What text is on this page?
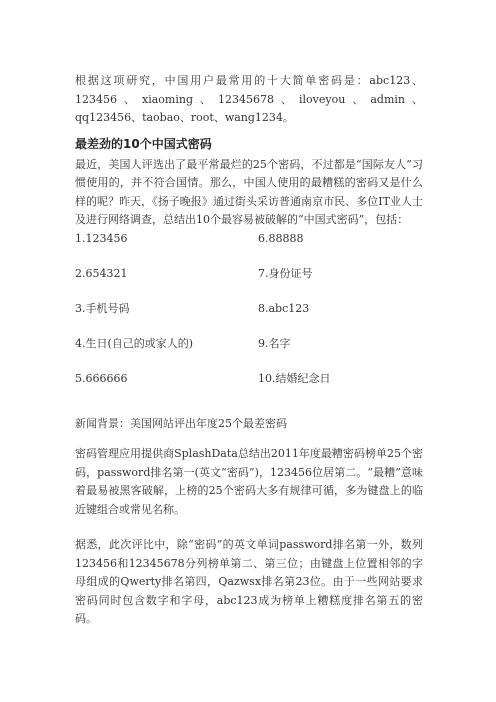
根据这项研究，中国用户最常用的十大简单密码是：abc123、123456、xiaoming、12345678、iloveyou、admin、qq123456、taobao、root、wang1234。

最差劲的10个中国式密码

最近，美国人评选出了最平常最烂的25个密码，不过都是“国际友人”习惯使用的，并不符合国情。那么，中国人使用的最糟糕的密码又是什么样的呢？昨天，《扬子晚报》通过街头采访普通南京市民、多位IT业人士及进行网络调查，总结出10个最容易被破解的“中国式密码”，包括：

1.123456	6.88888
2.654321	7.身份证号
3.手机号码	8.abc123
4.生日(自己的或家人的)	9.名字
5.666666	10.结婚纪念日

新闻背景：美国网站评出年度25个最差密码

密码管理应用提供商SplashData总结出2011年度最糟密码榜单25个密码，password排名第一(英文“密码”)，123456位居第二。“最糟”意味着最易被黑客破解，上榜的25个密码大多有规律可循，多为键盘上的临近键组合或常见名称。

据悉，此次评比中，除“密码”的英文单词password排名第一外，数列123456和12345678分列榜单第二、第三位；由键盘上位置相邻的字母组成的Qwerty排名第四，Qazwsx排名第23位。由于一些网站要求密码同时包含数字和字母，abc123成为榜单上糟糕度排名第五的密码。
